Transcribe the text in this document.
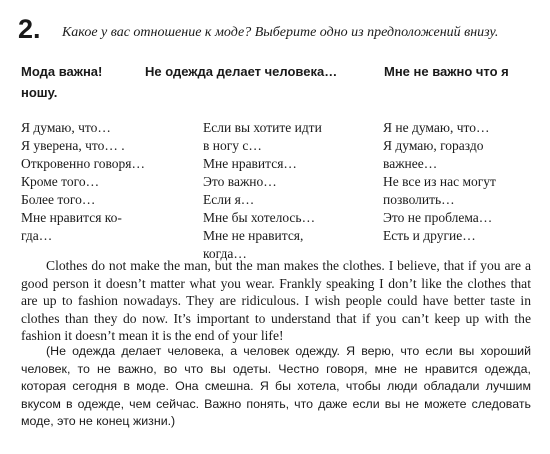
2. Какое у вас отношение к моде? Выберите одно из предположений внизу.
Мода важна!	Не одежда делает человека…	Мне не важно что я
ношу.
Я думаю, что…
Я уверена, что… .
Откровенно говоря…
Кроме того…
Более того…
Мне нравится ко-
гда…
Если вы хотите идти
в ногу с…
Мне нравится…
Это важно…
Если я…
Мне бы хотелось…
Мне не нравится,
когда…
Я не думаю, что…
Я думаю, гораздо
важнее…
Не все из нас могут
позволить…
Это не проблема…
Есть и другие…

Clothes do not make the man, but the man makes the clothes. I believe, that if you are a good person it doesn’t matter what you wear. Frankly speaking I don’t like the clothes that are up to fashion nowadays. They are ridiculous. I wish people could have better taste in clothes than they do now. It’s important to understand that if you can’t keep up with the fashion it doesn’t mean it is the end of your life!

(Не одежда делает человека, а человек одежду. Я верю, что если вы хороший человек, то не важно, во что вы одеты. Честно говоря, мне не нравится одежда, которая сегодня в моде. Она смешна. Я бы хотела, чтобы люди обладали лучшим вкусом в одежде, чем сейчас. Важно понять, что даже если вы не можете следовать моде, это не конец жизни.)
